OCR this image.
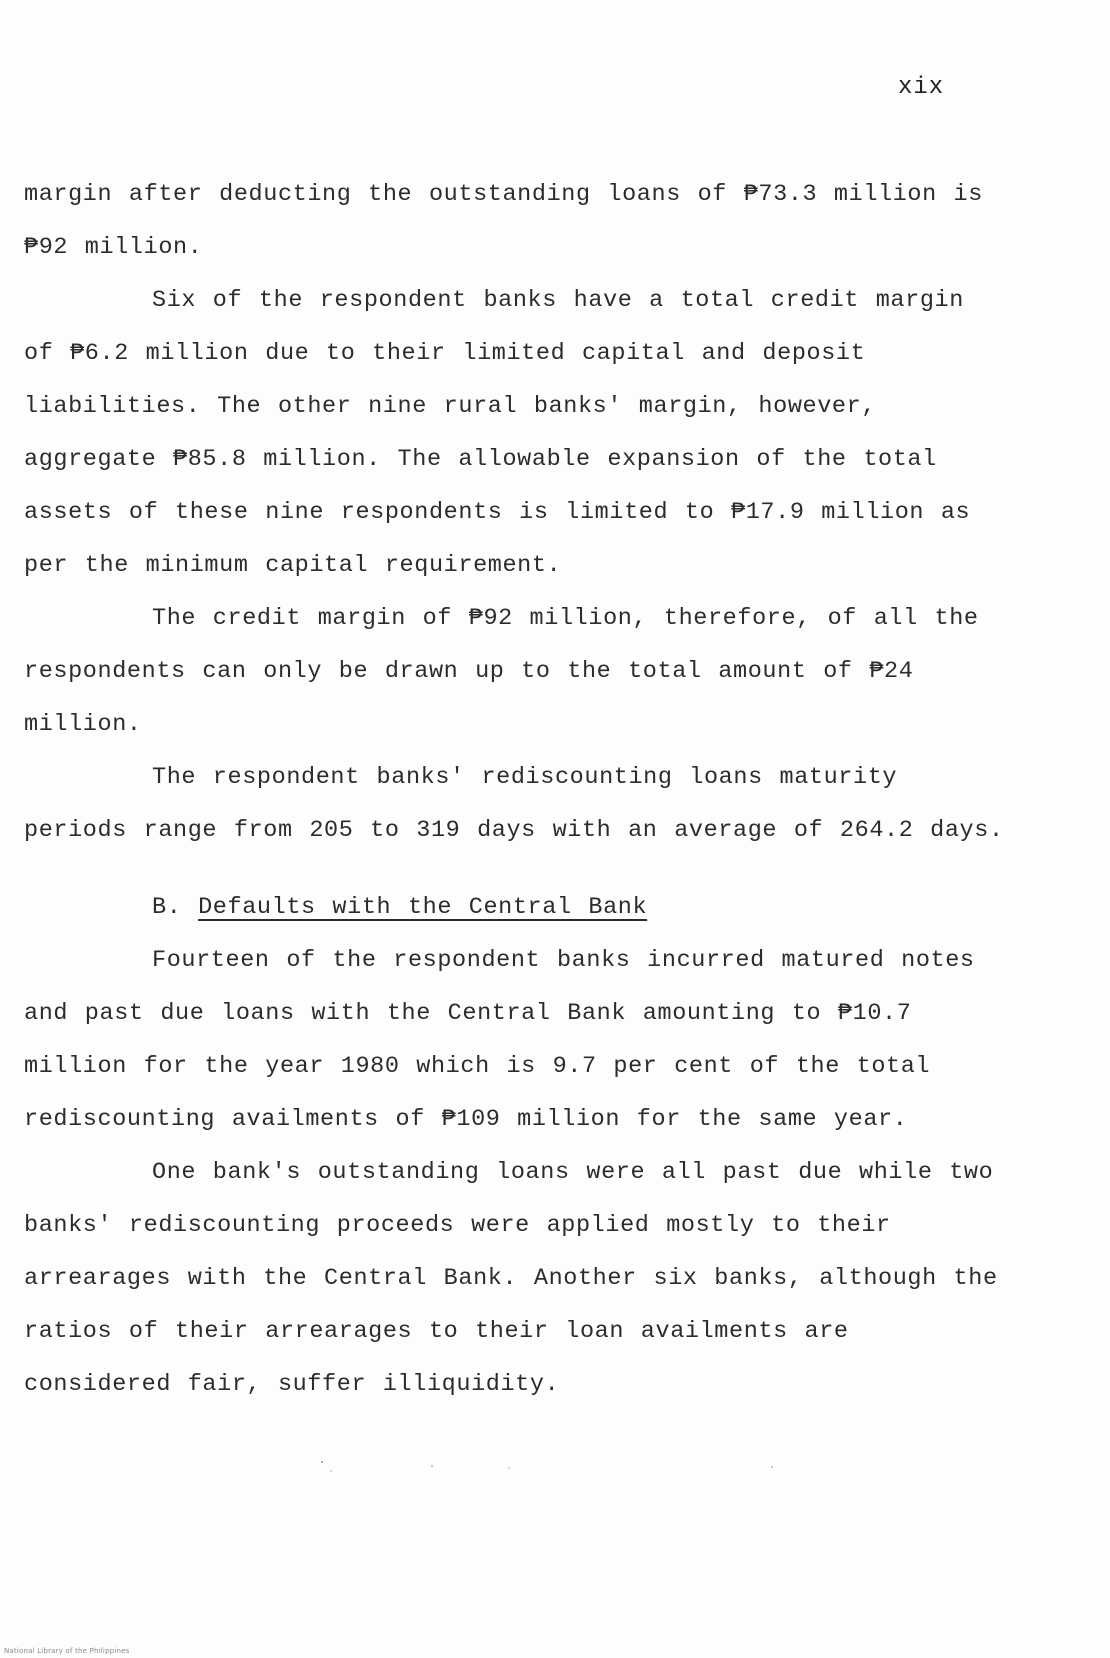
xix

margin after deducting the outstanding loans of ₱73.3 million is ₱92 million.

Six of the respondent banks have a total credit margin of ₱6.2 million due to their limited capital and deposit liabilities. The other nine rural banks' margin, however, aggregate ₱85.8 million. The allowable expansion of the total assets of these nine respondents is limited to ₱17.9 million as per the minimum capital requirement.

The credit margin of ₱92 million, therefore, of all the respondents can only be drawn up to the total amount of ₱24 million.

The respondent banks' rediscounting loans maturity periods range from 205 to 319 days with an average of 264.2 days.

B. Defaults with the Central Bank

Fourteen of the respondent banks incurred matured notes and past due loans with the Central Bank amounting to ₱10.7 million for the year 1980 which is 9.7 per cent of the total rediscounting availments of ₱109 million for the same year.

One bank's outstanding loans were all past due while two banks' rediscounting proceeds were applied mostly to their arrearages with the Central Bank. Another six banks, although the ratios of their arrearages to their loan availments are considered fair, suffer illiquidity.

National Library of the Philippines
